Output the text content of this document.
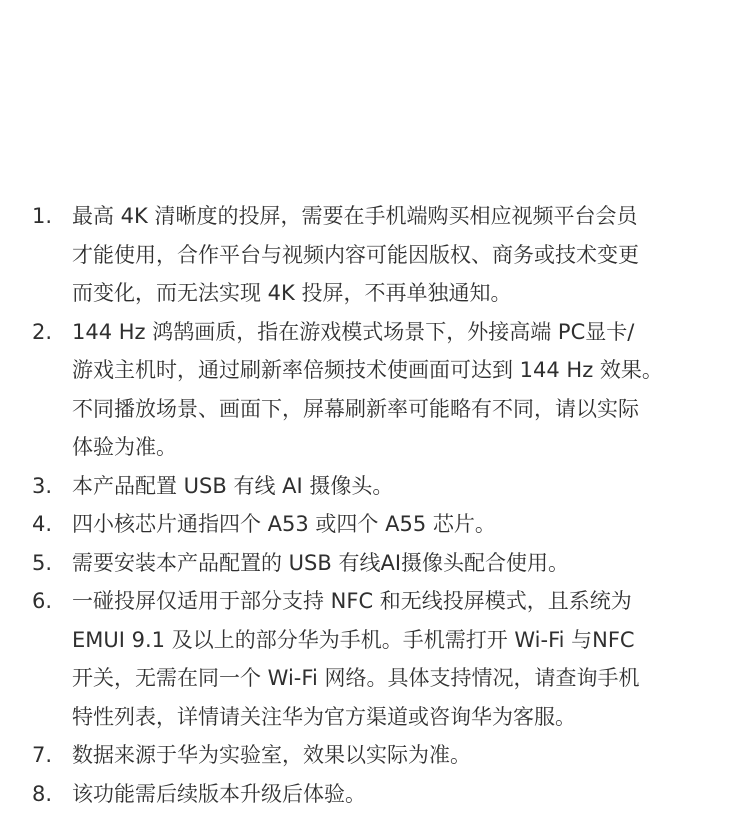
1. 最高 4K 清晰度的投屏，需要在手机端购买相应视频平台会员
才能使用，合作平台与视频内容可能因版权、商务或技术变更
而变化，而无法实现 4K 投屏，不再单独通知。
2. 144 Hz 鸿鹄画质，指在游戏模式场景下，外接高端 PC显卡/
游戏主机时，通过刷新率倍频技术使画面可达到 144 Hz 效果。
不同播放场景、画面下，屏幕刷新率可能略有不同，请以实际
体验为准。
3. 本产品配置 USB 有线 AI 摄像头。
4. 四小核芯片通指四个 A53 或四个 A55 芯片。
5. 需要安装本产品配置的 USB 有线AI摄像头配合使用。
6. 一碰投屏仅适用于部分支持 NFC 和无线投屏模式，且系统为
EMUI 9.1 及以上的部分华为手机。手机需打开 Wi-Fi 与NFC
开关，无需在同一个 Wi-Fi 网络。具体支持情况，请查询手机
特性列表，详情请关注华为官方渠道或咨询华为客服。
7. 数据来源于华为实验室，效果以实际为准。
8. 该功能需后续版本升级后体验。
